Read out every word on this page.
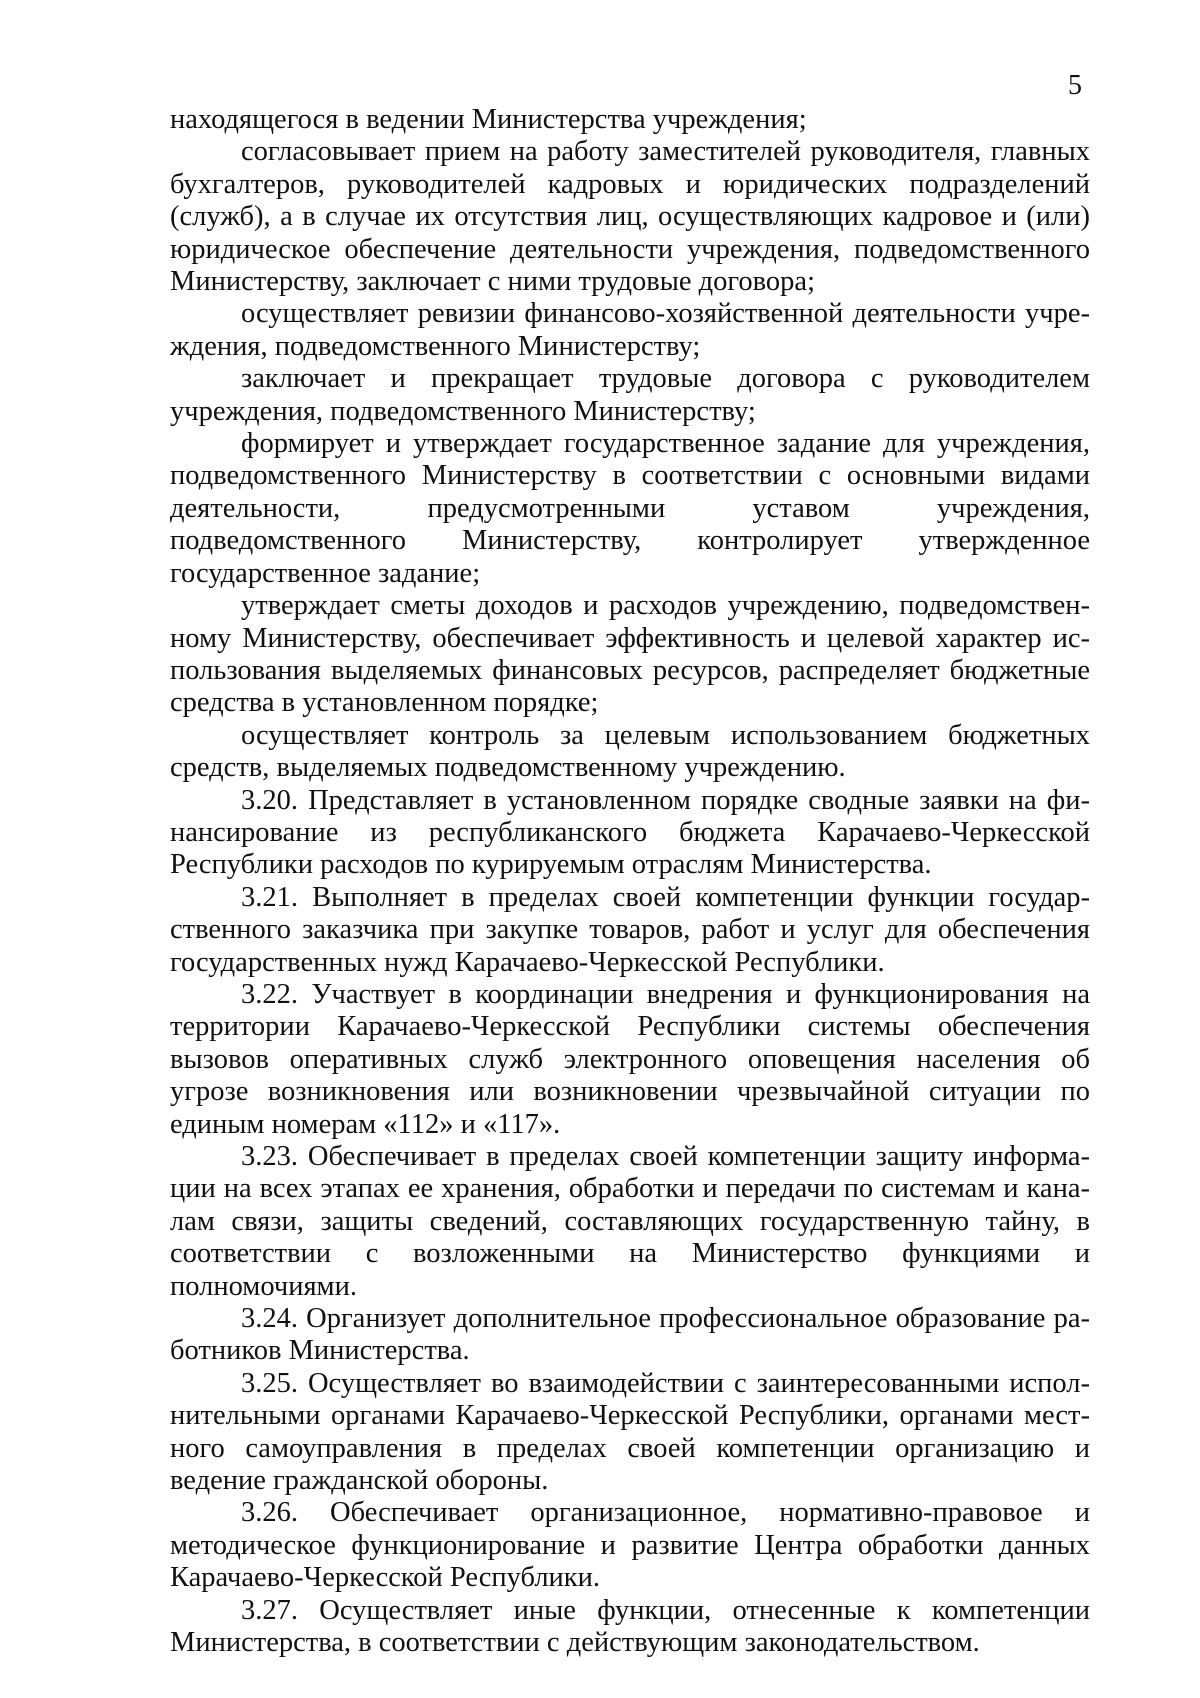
5

находящегося в ведении Министерства учреждения;

согласовывает прием на работу заместителей руководителя, главных бухгалтеров, руководителей кадровых и юридических подразделений (служб), а в случае их отсутствия лиц, осуществляющих кадровое и (или) юридическое обеспечение деятельности учреждения, подведомственного Министерству, заключает с ними трудовые договора;

осуществляет ревизии финансово-хозяйственной деятельности учреждения, подведомственного Министерству;

заключает и прекращает трудовые договора с руководителем учреждения, подведомственного Министерству;

формирует и утверждает государственное задание для учреждения, подведомственного Министерству в соответствии с основными видами деятельности, предусмотренными уставом учреждения, подведомственного Министерству, контролирует утвержденное государственное задание;

утверждает сметы доходов и расходов учреждению, подведомственному Министерству, обеспечивает эффективность и целевой характер использования выделяемых финансовых ресурсов, распределяет бюджетные средства в установленном порядке;

осуществляет контроль за целевым использованием бюджетных средств, выделяемых подведомственному учреждению.

3.20. Представляет в установленном порядке сводные заявки на финансирование из республиканского бюджета Карачаево-Черкесской Республики расходов по курируемым отраслям Министерства.

3.21. Выполняет в пределах своей компетенции функции государственного заказчика при закупке товаров, работ и услуг для обеспечения государственных нужд Карачаево-Черкесской Республики.

3.22. Участвует в координации внедрения и функционирования на территории Карачаево-Черкесской Республики системы обеспечения вызовов оперативных служб электронного оповещения населения об угрозе возникновения или возникновении чрезвычайной ситуации по единым номерам «112» и «117».

3.23. Обеспечивает в пределах своей компетенции защиту информации на всех этапах ее хранения, обработки и передачи по системам и каналам связи, защиты сведений, составляющих государственную тайну, в соответствии с возложенными на Министерство функциями и полномочиями.

3.24. Организует дополнительное профессиональное образование работников Министерства.

3.25. Осуществляет во взаимодействии с заинтересованными исполнительными органами Карачаево-Черкесской Республики, органами местного самоуправления в пределах своей компетенции организацию и ведение гражданской обороны.

3.26. Обеспечивает организационное, нормативно-правовое и методическое функционирование и развитие Центра обработки данных Карачаево-Черкесской Республики.

3.27. Осуществляет иные функции, отнесенные к компетенции Министерства, в соответствии с действующим законодательством.
